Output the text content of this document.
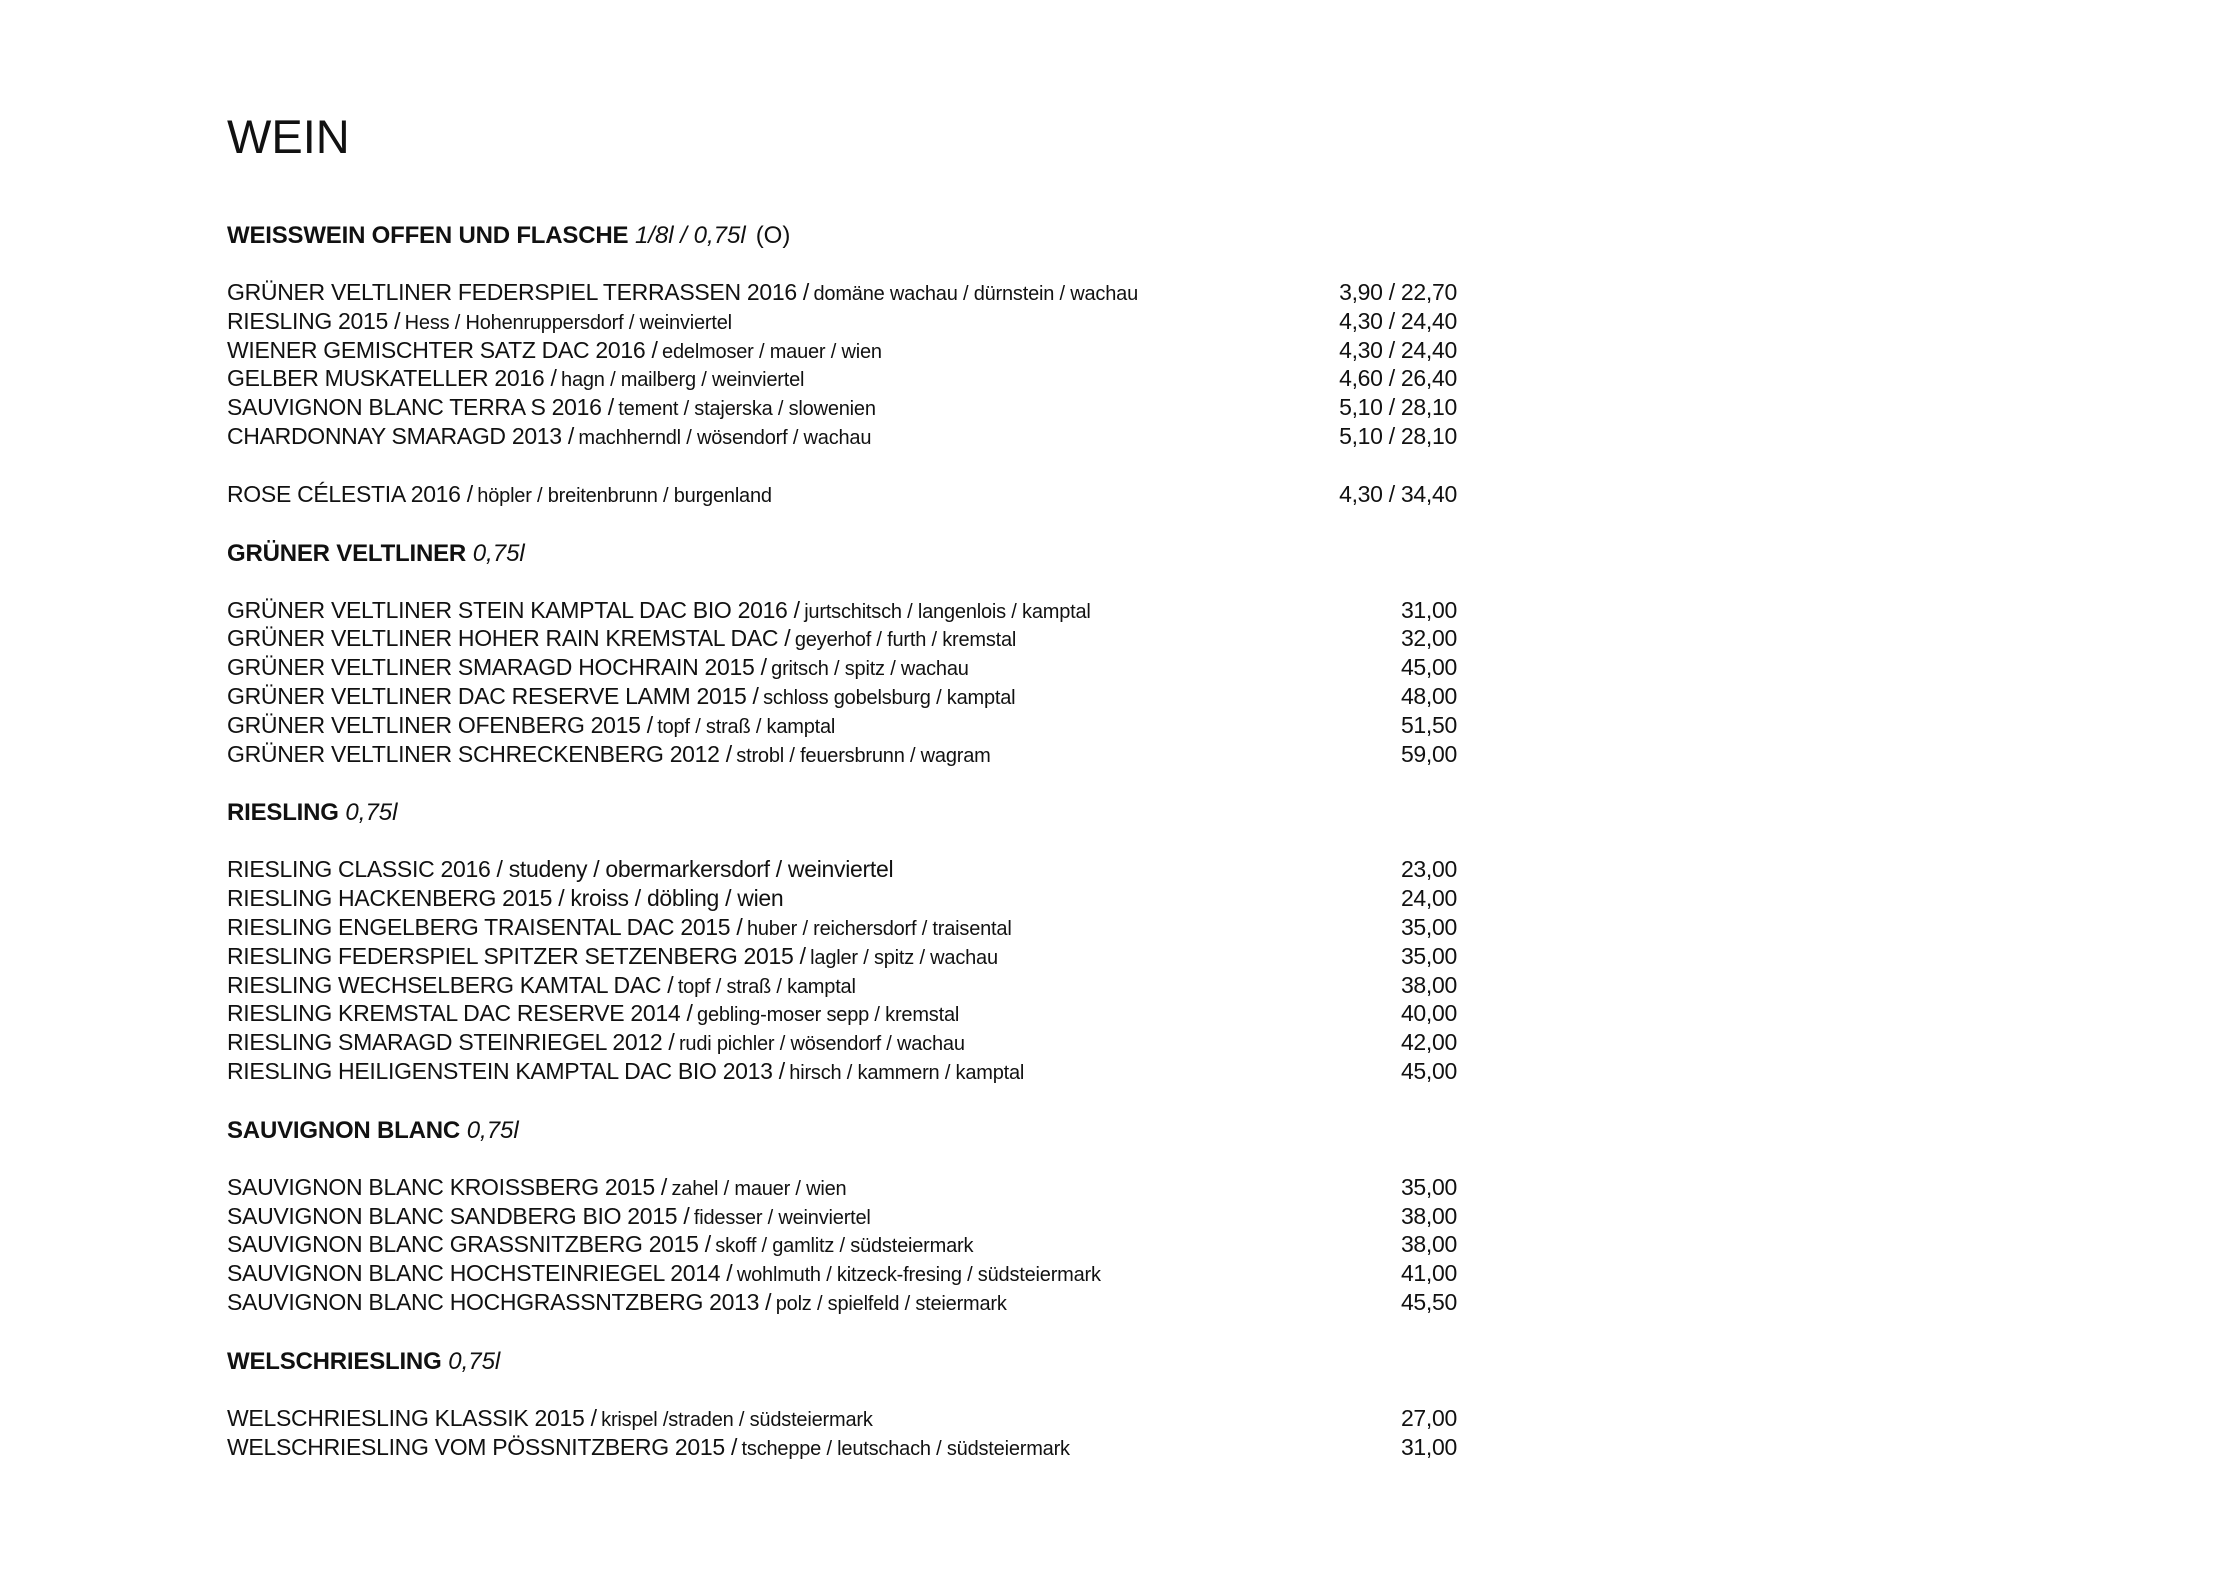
WEIN
WEISSWEIN OFFEN UND FLASCHE 1/8l / 0,75l (O)
GRÜNER VELTLINER FEDERSPIEL TERRASSEN 2016 / domäne wachau / dürnstein / wachau	3,90 / 22,70
RIESLING 2015 / Hess / Hohenruppersdorf / weinviertel	4,30 / 24,40
WIENER GEMISCHTER SATZ DAC 2016 / edelmoser / mauer / wien	4,30 / 24,40
GELBER MUSKATELLER 2016 / hagn / mailberg / weinviertel	4,60 / 26,40
SAUVIGNON BLANC TERRA S 2016 / tement / stajerska / slowenien	5,10 / 28,10
CHARDONNAY SMARAGD 2013 / machherndl / wösendorf / wachau	5,10 / 28,10
ROSE CÉLESTIA 2016 / höpler / breitenbrunn / burgenland	4,30 / 34,40
GRÜNER VELTLINER 0,75l
GRÜNER VELTLINER STEIN KAMPTAL DAC BIO 2016 / jurtschitsch / langenlois / kamptal	31,00
GRÜNER VELTLINER HOHER RAIN KREMSTAL DAC / geyerhof / furth / kremstal	32,00
GRÜNER VELTLINER SMARAGD HOCHRAIN 2015 / gritsch / spitz / wachau	45,00
GRÜNER VELTLINER DAC RESERVE LAMM 2015 / schloss gobelsburg / kamptal	48,00
GRÜNER VELTLINER OFENBERG 2015 / topf / straß / kamptal	51,50
GRÜNER VELTLINER SCHRECKENBERG 2012 / strobl / feuersbrunn / wagram	59,00
RIESLING 0,75l
RIESLING CLASSIC 2016 / studeny / obermarkersdorf / weinviertel	23,00
RIESLING HACKENBERG 2015 / kroiss / döbling / wien	24,00
RIESLING ENGELBERG TRAISENTAL DAC 2015 / huber / reichersdorf / traisental	35,00
RIESLING FEDERSPIEL SPITZER SETZENBERG 2015 / lagler / spitz / wachau	35,00
RIESLING WECHSELBERG KAMTAL DAC / topf / straß / kamptal	38,00
RIESLING KREMSTAL DAC RESERVE 2014 / gebling-moser sepp / kremstal	40,00
RIESLING SMARAGD STEINRIEGEL 2012 / rudi pichler / wösendorf / wachau	42,00
RIESLING HEILIGENSTEIN KAMPTAL DAC BIO 2013 / hirsch / kammern / kamptal	45,00
SAUVIGNON BLANC 0,75l
SAUVIGNON BLANC KROISSBERG 2015 / zahel / mauer / wien	35,00
SAUVIGNON BLANC SANDBERG BIO 2015 / fidesser / weinviertel	38,00
SAUVIGNON BLANC GRASSNITZBERG 2015 / skoff / gamlitz / südsteiermark	38,00
SAUVIGNON BLANC HOCHSTEINRIEGEL 2014 / wohlmuth / kitzeck-fresing / südsteiermark	41,00
SAUVIGNON BLANC HOCHGRASSNTZBERG 2013 / polz / spielfeld / steiermark	45,50
WELSCHRIESLING 0,75l
WELSCHRIESLING KLASSIK 2015 / krispel /straden / südsteiermark	27,00
WELSCHRIESLING VOM PÖSSNITZBERG 2015 / tscheppe / leutschach / südsteiermark	31,00
